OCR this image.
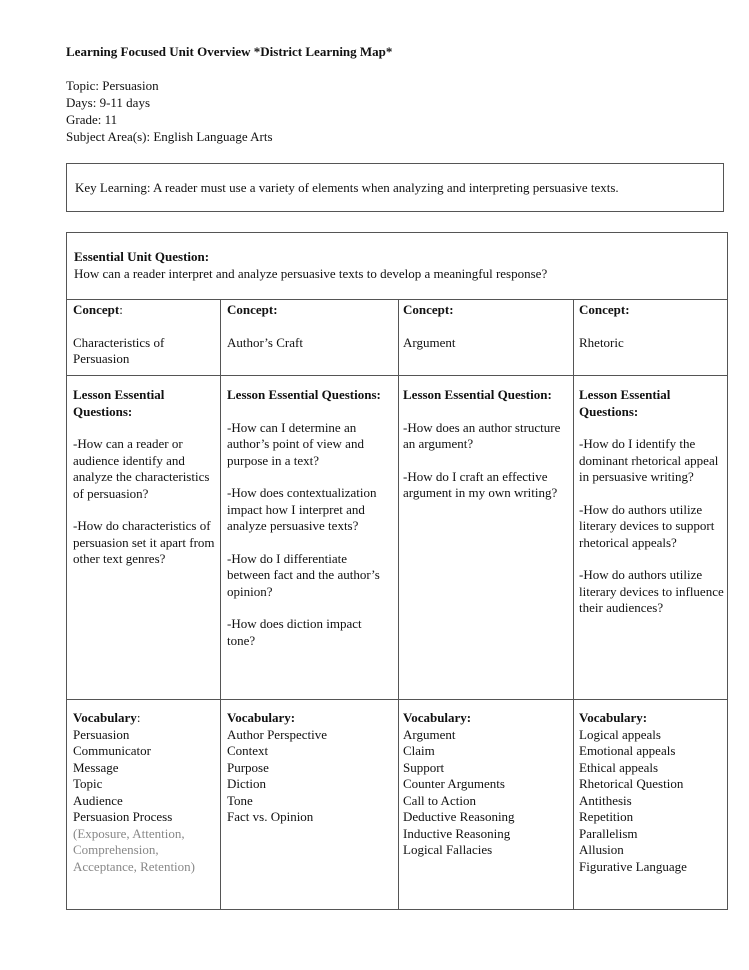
Learning Focused Unit Overview *District Learning Map*
Topic: Persuasion
Days: 9-11 days
Grade: 11
Subject Area(s): English Language Arts
Key Learning: A reader must use a variety of elements when analyzing and interpreting persuasive texts.
Essential Unit Question:
How can a reader interpret and analyze persuasive texts to develop a meaningful response?
Concept:
Characteristics of Persuasion
Concept:
Author’s Craft
Concept:
Argument
Concept:
Rhetoric
Lesson Essential Questions:

-How can a reader or audience identify and analyze the characteristics of persuasion?

-How do characteristics of persuasion set it apart from other text genres?

Lesson Essential Questions:

-How can I determine an author’s point of view and purpose in a text?

-How does contextualization impact how I interpret and analyze persuasive texts?

-How do I differentiate between fact and the author’s opinion?

-How does diction impact tone?

Lesson Essential Question:

-How does an author structure an argument?

-How do I craft an effective argument in my own writing?

Lesson Essential Questions:

-How do I identify the dominant rhetorical appeal in persuasive writing?

-How do authors utilize literary devices to support rhetorical appeals?

-How do authors utilize literary devices to influence their audiences?

Vocabulary:
Persuasion
Communicator
Message
Topic
Audience
Persuasion Process
(Exposure, Attention, Comprehension, Acceptance, Retention)
Vocabulary:
Author Perspective
Context
Purpose
Diction
Tone
Fact vs. Opinion
Vocabulary:
Argument
Claim
Support
Counter Arguments
Call to Action
Deductive Reasoning
Inductive Reasoning
Logical Fallacies
Vocabulary:
Logical appeals
Emotional appeals
Ethical appeals
Rhetorical Question
Antithesis
Repetition
Parallelism
Allusion
Figurative Language
